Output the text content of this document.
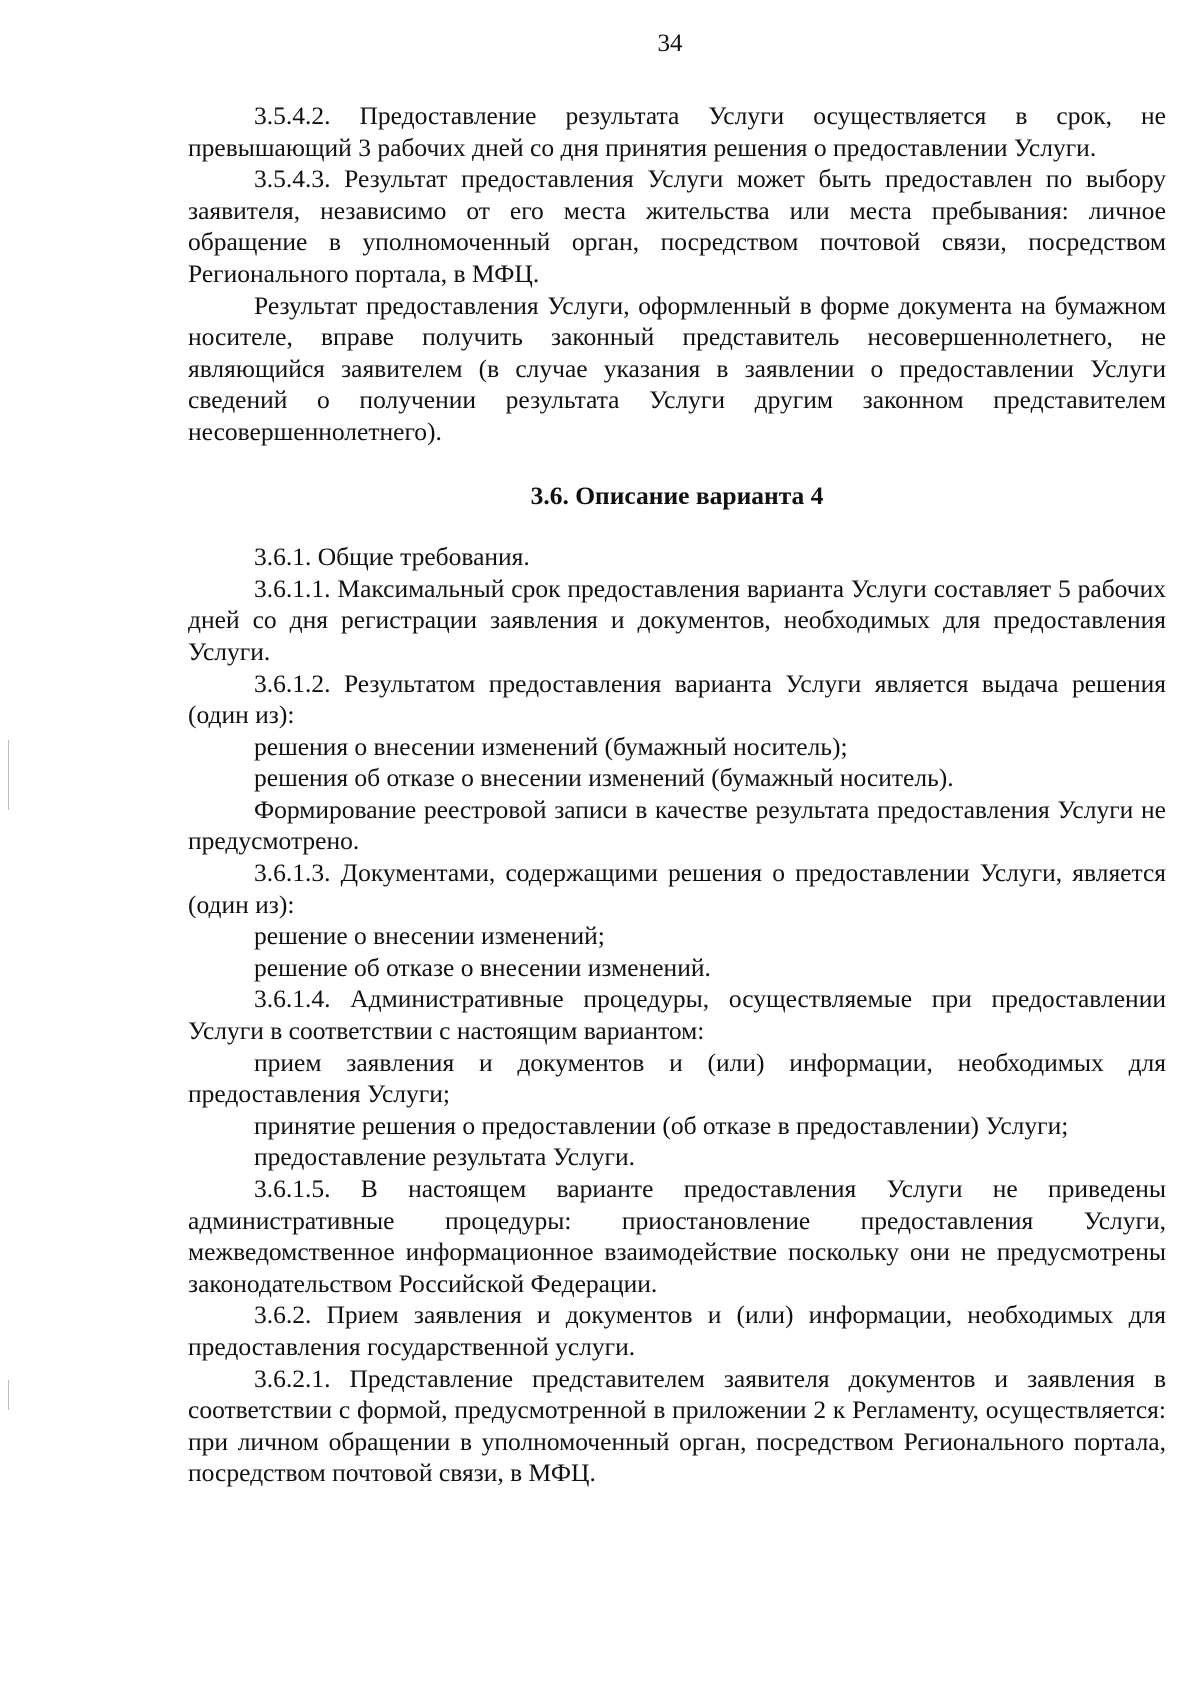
34

3.5.4.2. Предоставление результата Услуги осуществляется в срок, не превышающий 3 рабочих дней со дня принятия решения о предоставлении Услуги.

3.5.4.3. Результат предоставления Услуги может быть предоставлен по выбору заявителя, независимо от его места жительства или места пребывания: личное обращение в уполномоченный орган, посредством почтовой связи, посредством Регионального портала, в МФЦ.

Результат предоставления Услуги, оформленный в форме документа на бумажном носителе, вправе получить законный представитель несовершеннолетнего, не являющийся заявителем (в случае указания в заявлении о предоставлении Услуги сведений о получении результата Услуги другим законном представителем несовершеннолетнего).

3.6. Описание варианта 4

3.6.1. Общие требования.

3.6.1.1. Максимальный срок предоставления варианта Услуги составляет 5 рабочих дней со дня регистрации заявления и документов, необходимых для предоставления Услуги.

3.6.1.2. Результатом предоставления варианта Услуги является выдача решения (один из):

решения о внесении изменений (бумажный носитель);

решения об отказе о внесении изменений (бумажный носитель).

Формирование реестровой записи в качестве результата предоставления Услуги не предусмотрено.

3.6.1.3. Документами, содержащими решения о предоставлении Услуги, является (один из):

решение о внесении изменений;

решение об отказе о внесении изменений.

3.6.1.4. Административные процедуры, осуществляемые при предоставлении Услуги в соответствии с настоящим вариантом:

прием заявления и документов и (или) информации, необходимых для предоставления Услуги;

принятие решения о предоставлении (об отказе в предоставлении) Услуги;

предоставление результата Услуги.

3.6.1.5. В настоящем варианте предоставления Услуги не приведены административные процедуры: приостановление предоставления Услуги, межведомственное информационное взаимодействие поскольку они не предусмотрены законодательством Российской Федерации.

3.6.2. Прием заявления и документов и (или) информации, необходимых для предоставления государственной услуги.

3.6.2.1. Представление представителем заявителя документов и заявления в соответствии с формой, предусмотренной в приложении 2 к Регламенту, осуществляется: при личном обращении в уполномоченный орган, посредством Регионального портала, посредством почтовой связи, в МФЦ.
